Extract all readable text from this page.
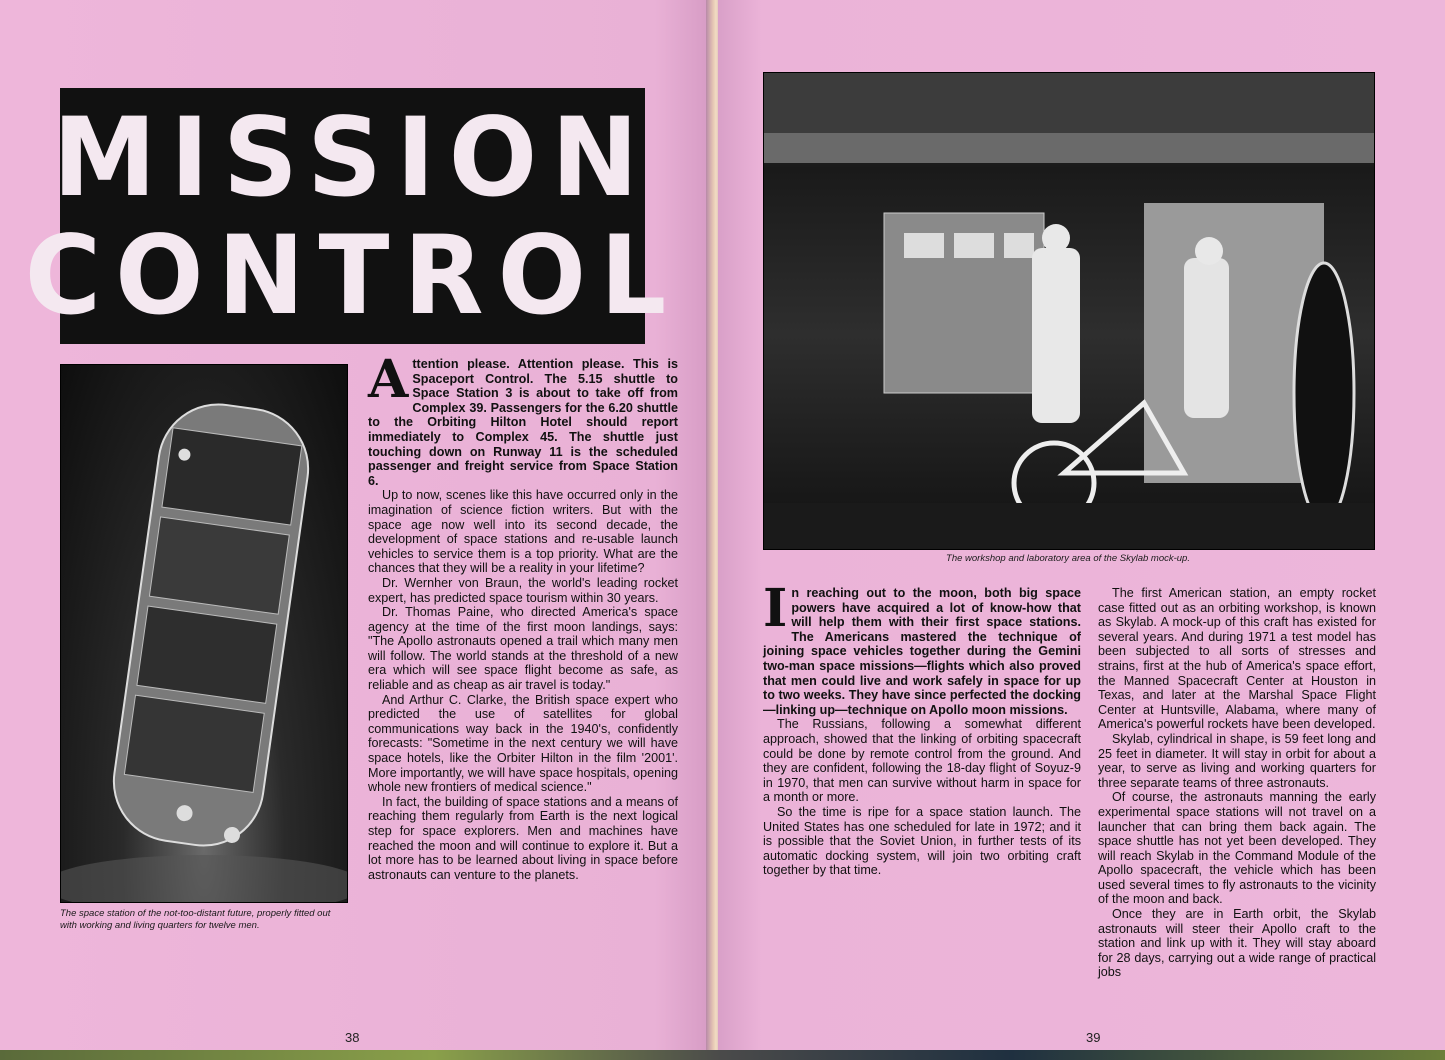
MISSION
CONTROL
The space station of the not-too-distant future, properly fitted out with working and living quarters for twelve men.

Attention please. Attention please. This is Spaceport Control. The 5.15 shuttle to Space Station 3 is about to take off from Complex 39. Passengers for the 6.20 shuttle to the Orbiting Hilton Hotel should report immediately to Complex 45. The shuttle just touching down on Runway 11 is the scheduled passenger and freight service from Space Station 6.

Up to now, scenes like this have occurred only in the imagination of science fiction writers. But with the space age now well into its second decade, the development of space stations and re-usable launch vehicles to service them is a top priority. What are the chances that they will be a reality in your lifetime?

Dr. Wernher von Braun, the world's leading rocket expert, has predicted space tourism within 30 years.

Dr. Thomas Paine, who directed America's space agency at the time of the first moon landings, says: "The Apollo astronauts opened a trail which many men will follow. The world stands at the threshold of a new era which will see space flight become as safe, as reliable and as cheap as air travel is today."

And Arthur C. Clarke, the British space expert who predicted the use of satellites for global communications way back in the 1940's, confidently forecasts: "Sometime in the next century we will have space hotels, like the Orbiter Hilton in the film '2001'. More importantly, we will have space hospitals, opening whole new frontiers of medical science."

In fact, the building of space stations and a means of reaching them regularly from Earth is the next logical step for space explorers. Men and machines have reached the moon and will continue to explore it. But a lot more has to be learned about living in space before astronauts can venture to the planets.

38
The workshop and laboratory area of the Skylab mock-up.

In reaching out to the moon, both big space powers have acquired a lot of know-how that will help them with their first space stations. The Americans mastered the technique of joining space vehicles together during the Gemini two-man space missions—flights which also proved that men could live and work safely in space for up to two weeks. They have since perfected the docking—linking up—technique on Apollo moon missions.

The Russians, following a somewhat different approach, showed that the linking of orbiting spacecraft could be done by remote control from the ground. And they are confident, following the 18-day flight of Soyuz-9 in 1970, that men can survive without harm in space for a month or more.

So the time is ripe for a space station launch. The United States has one scheduled for late in 1972; and it is possible that the Soviet Union, in further tests of its automatic docking system, will join two orbiting craft together by that time.

The first American station, an empty rocket case fitted out as an orbiting workshop, is known as Skylab. A mock-up of this craft has existed for several years. And during 1971 a test model has been subjected to all sorts of stresses and strains, first at the hub of America's space effort, the Manned Spacecraft Center at Houston in Texas, and later at the Marshal Space Flight Center at Huntsville, Alabama, where many of America's powerful rockets have been developed.

Skylab, cylindrical in shape, is 59 feet long and 25 feet in diameter. It will stay in orbit for about a year, to serve as living and working quarters for three separate teams of three astronauts.

Of course, the astronauts manning the early experimental space stations will not travel on a launcher that can bring them back again. The space shuttle has not yet been developed. They will reach Skylab in the Command Module of the Apollo spacecraft, the vehicle which has been used several times to fly astronauts to the vicinity of the moon and back.

Once they are in Earth orbit, the Skylab astronauts will steer their Apollo craft to the station and link up with it. They will stay aboard for 28 days, carrying out a wide range of practical jobs

39
